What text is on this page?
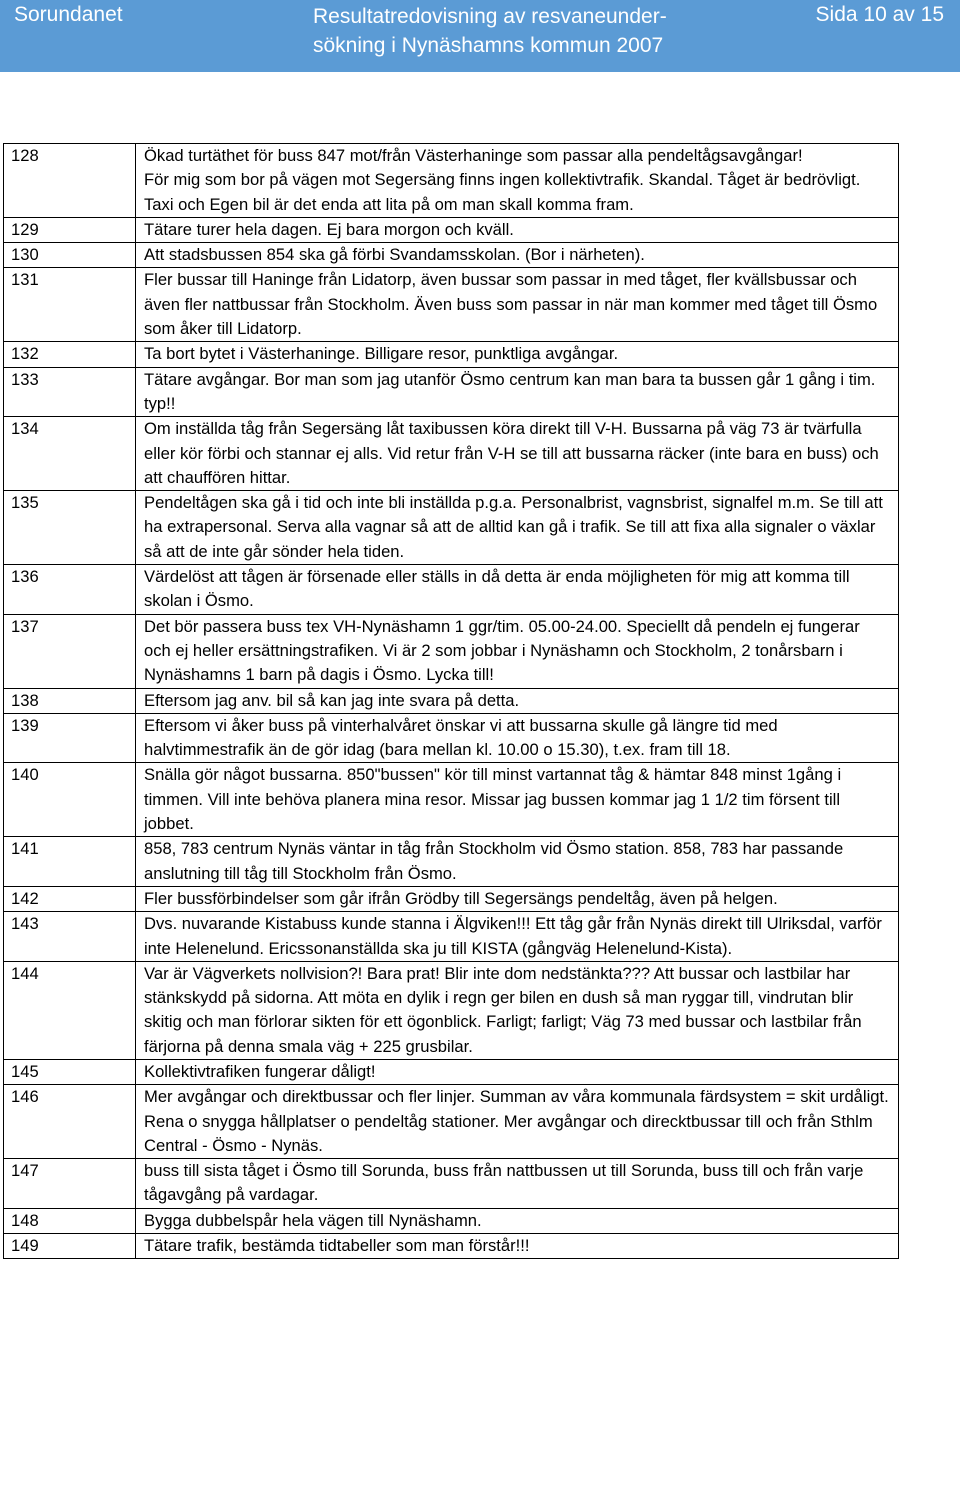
Sorundanet	Resultatredovisning av resvaneunder-sökning i Nynäshamns kommun 2007
Sida 10 av 15
128	Ökad turtäthet för buss 847 mot/från Västerhaninge som passar alla pendeltågsavgångar!
För mig som bor på vägen mot Segersäng finns ingen kollektivtrafik. Skandal. Tåget är bedrövligt. Taxi och Egen bil är det enda att lita på om man skall komma fram.
129	Tätare turer hela dagen. Ej bara morgon och kväll.
130	Att stadsbussen 854 ska gå förbi Svandamsskolan. (Bor i närheten).
131	Fler bussar till Haninge från Lidatorp, även bussar som passar in med tåget, fler kvällsbussar och även fler nattbussar från Stockholm. Även buss som passar in när man kommer med tåget till Ösmo som åker till Lidatorp.
132	Ta bort bytet i Västerhaninge. Billigare resor, punktliga avgångar.
133	Tätare avgångar. Bor man som jag utanför Ösmo centrum kan man bara ta bussen går 1 gång i tim. typ!!
134	Om inställda tåg från Segersäng låt taxibussen köra direkt till V-H. Bussarna på väg 73 är tvärfulla eller kör förbi och stannar ej alls. Vid retur från V-H se till att bussarna räcker (inte bara en buss) och att chauffören hittar.
135	Pendeltågen ska gå i tid och inte bli inställda p.g.a. Personalbrist, vagnsbrist, signalfel m.m. Se till att ha extrapersonal. Serva alla vagnar så att de alltid kan gå i trafik. Se till att fixa alla signaler o växlar så att de inte går sönder hela tiden.
136	Värdelöst att tågen är försenade eller ställs in då detta är enda möjligheten för mig att komma till skolan i Ösmo.
137	Det bör passera buss tex VH-Nynäshamn 1 ggr/tim. 05.00-24.00. Speciellt då pendeln ej fungerar och ej heller ersättningstrafiken. Vi är 2 som jobbar i Nynäshamn och Stockholm, 2 tonårsbarn i Nynäshamns 1 barn på dagis i Ösmo. Lycka till!
138	Eftersom jag anv. bil så kan jag inte svara på detta.
139	Eftersom vi åker buss på vinterhalvåret önskar vi att bussarna skulle gå längre tid med halvtimmestrafik än de gör idag (bara mellan kl. 10.00 o 15.30), t.ex. fram till 18.
140	Snälla gör något bussarna. 850"bussen" kör till minst vartannat tåg & hämtar 848 minst 1gång i timmen. Vill inte behöva planera mina resor. Missar jag bussen kommar jag 1 1/2 tim försent till jobbet.
141	858, 783 centrum Nynäs väntar in tåg från Stockholm vid Ösmo station. 858, 783 har passande anslutning till tåg till Stockholm från Ösmo.
142	Fler bussförbindelser som går ifrån Grödby till Segersängs pendeltåg, även på helgen.
143	Dvs. nuvarande Kistabuss kunde stanna i Älgviken!!! Ett tåg går från Nynäs direkt till Ulriksdal, varför inte Helenelund. Ericssonanställda ska ju till KISTA (gångväg Helenelund-Kista).
144	Var är Vägverkets nollvision?! Bara prat! Blir inte dom nedstänkta??? Att bussar och lastbilar har stänkskydd på sidorna. Att möta en dylik i regn ger bilen en dush så man ryggar till, vindrutan blir skitig och man förlorar sikten för ett ögonblick. Farligt; farligt; Väg 73 med bussar och lastbilar från färjorna på denna smala väg + 225 grusbilar.
145	Kollektivtrafiken fungerar dåligt!
146	Mer avgångar och direktbussar och fler linjer. Summan av våra kommunala färdsystem = skit urdåligt. Rena o snygga hållplatser o pendeltåg stationer. Mer avgångar och direcktbussar till och från Sthlm Central - Ösmo - Nynäs.
147	buss till sista tåget i Ösmo till Sorunda, buss från nattbussen ut till Sorunda, buss till och från varje tågavgång på vardagar.
148	Bygga dubbelspår hela vägen till Nynäshamn.
149	Tätare trafik, bestämda tidtabeller som man förstår!!!
